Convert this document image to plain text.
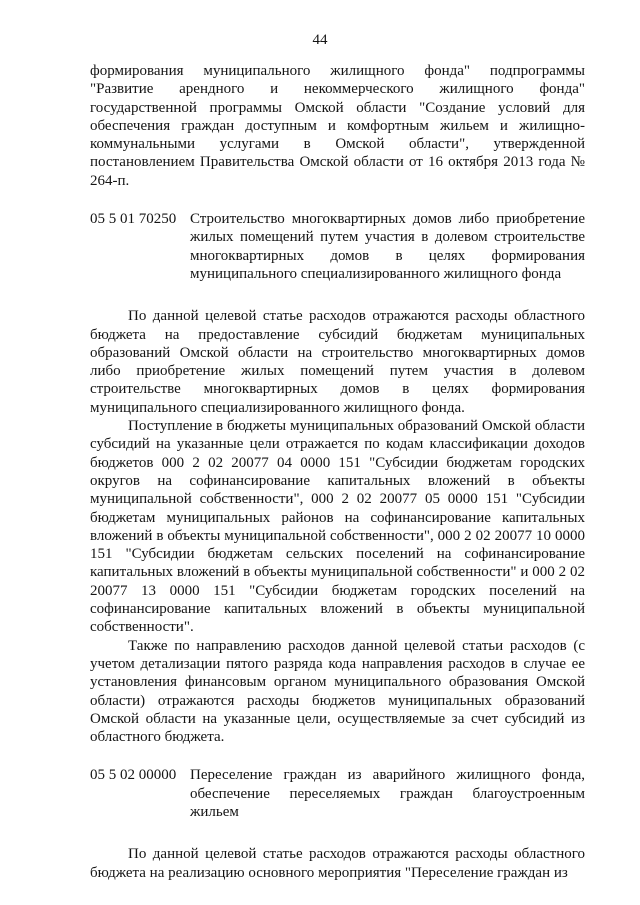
44

формирования муниципального жилищного фонда" подпрограммы "Развитие арендного и некоммерческого жилищного фонда" государственной программы Омской области "Создание условий для обеспечения граждан доступным и комфортным жильем и жилищно-коммунальными услугами в Омской области", утвержденной постановлением Правительства Омской области от 16 октября 2013 года № 264-п.

05 5 01 70250 Строительство многоквартирных домов либо приобретение жилых помещений путем участия в долевом строительстве многоквартирных домов в целях формирования муниципального специализированного жилищного фонда

По данной целевой статье расходов отражаются расходы областного бюджета на предоставление субсидий бюджетам муниципальных образований Омской области на строительство многоквартирных домов либо приобретение жилых помещений путем участия в долевом строительстве многоквартирных домов в целях формирования муниципального специализированного жилищного фонда.

Поступление в бюджеты муниципальных образований Омской области субсидий на указанные цели отражается по кодам классификации доходов бюджетов 000 2 02 20077 04 0000 151 "Субсидии бюджетам городских округов на софинансирование капитальных вложений в объекты муниципальной собственности", 000 2 02 20077 05 0000 151 "Субсидии бюджетам муниципальных районов на софинансирование капитальных вложений в объекты муниципальной собственности", 000 2 02 20077 10 0000 151 "Субсидии бюджетам сельских поселений на софинансирование капитальных вложений в объекты муниципальной собственности" и 000 2 02 20077 13 0000 151 "Субсидии бюджетам городских поселений на софинансирование капитальных вложений в объекты муниципальной собственности".

Также по направлению расходов данной целевой статьи расходов (с учетом детализации пятого разряда кода направления расходов в случае ее установления финансовым органом муниципального образования Омской области) отражаются расходы бюджетов муниципальных образований Омской области на указанные цели, осуществляемые за счет субсидий из областного бюджета.

05 5 02 00000 Переселение граждан из аварийного жилищного фонда, обеспечение переселяемых граждан благоустроенным жильем

По данной целевой статье расходов отражаются расходы областного бюджета на реализацию основного мероприятия "Переселение граждан из
